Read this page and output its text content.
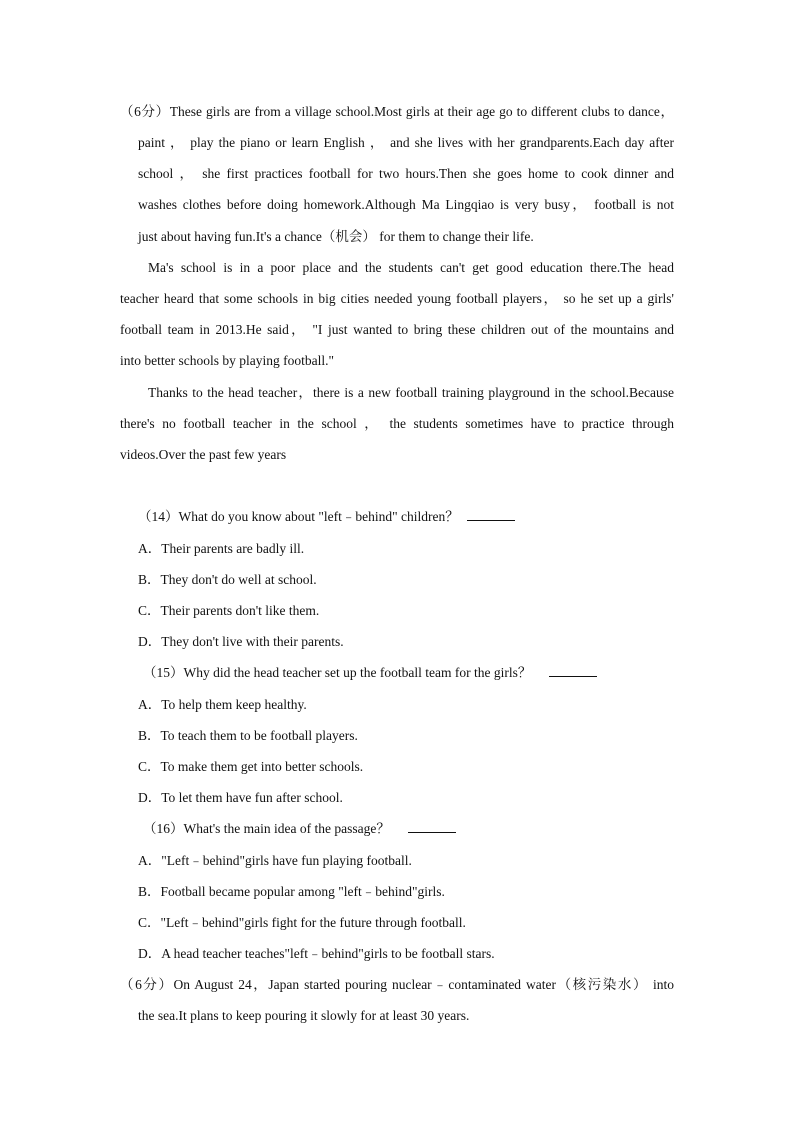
（6分）These girls are from a village school.Most girls at their age go to different clubs to dance，
paint ， play the piano or learn English ， and she lives with her grandparents.Each day after
school ， she first practices football for two hours.Then she goes home to cook dinner and
washes clothes before doing homework.Although Ma Lingqiao is very busy， football is not
just about having fun.It's a chance（机会） for them to change their life.
Ma's school is in a poor place and the students can't get good education there.The head
teacher heard that some schools in big cities needed young football players， so he set up a girls'
football team in 2013.He said， "I just wanted to bring these children out of the mountains and
into better schools by playing football."
Thanks to the head teacher，there is a new football training playground in the school.Because
there's no football teacher in the school ， the students sometimes have to practice through
videos.Over the past few years
（14）What do you know about "left﹣behind" children？
A．Their parents are badly ill.
B．They don't do well at school.
C．Their parents don't like them.
D．They don't live with their parents.
（15）Why did the head teacher set up the football team for the girls？
A．To help them keep healthy.
B．To teach them to be football players.
C．To make them get into better schools.
D．To let them have fun after school.
（16）What's the main idea of the passage？
A．"Left﹣behind"girls have fun playing football.
B．Football became popular among "left﹣behind"girls.
C．"Left﹣behind"girls fight for the future through football.
D．A head teacher teaches"left﹣behind"girls to be football stars.
（6分）On August 24，Japan started pouring nuclear﹣contaminated water（核污染水） into
the sea.It plans to keep pouring it slowly for at least 30 years.
